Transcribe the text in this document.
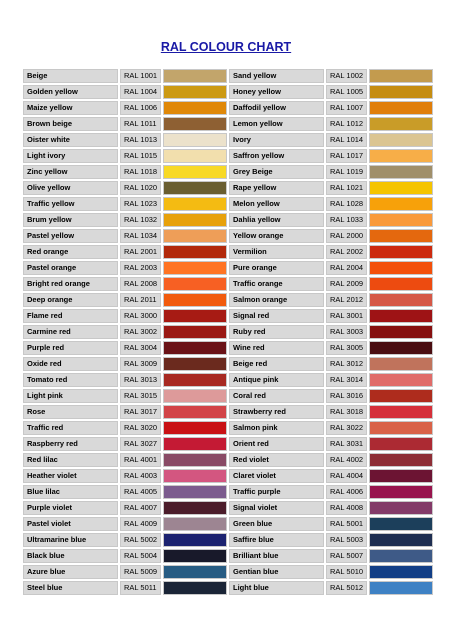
RAL COLOUR CHART
Beige	RAL 1001		Sand yellow	RAL 1002	
Golden yellow	RAL 1004		Honey yellow	RAL 1005	
Maize yellow	RAL 1006		Daffodil yellow	RAL 1007	
Brown beige	RAL 1011		Lemon yellow	RAL 1012	
Oister white	RAL 1013		Ivory	RAL 1014	
Light ivory	RAL 1015		Saffron yellow	RAL 1017	
Zinc yellow	RAL 1018		Grey Beige	RAL 1019	
Olive yellow	RAL 1020		Rape yellow	RAL 1021	
Traffic yellow	RAL 1023		Melon yellow	RAL 1028	
Brum yellow	RAL 1032		Dahlia yellow	RAL 1033	
Pastel yellow	RAL 1034		Yellow orange	RAL 2000	
Red orange	RAL 2001		Vermilion	RAL 2002	
Pastel orange	RAL 2003		Pure orange	RAL 2004	
Bright red orange	RAL 2008		Traffic orange	RAL 2009	
Deep orange	RAL 2011		Salmon orange	RAL 2012	
Flame red	RAL 3000		Signal red	RAL 3001	
Carmine red	RAL 3002		Ruby red	RAL 3003	
Purple red	RAL 3004		Wine red	RAL 3005	
Oxide red	RAL 3009		Beige red	RAL 3012	
Tomato red	RAL 3013		Antique pink	RAL 3014	
Light pink	RAL 3015		Coral red	RAL 3016	
Rose	RAL 3017		Strawberry red	RAL 3018	
Traffic red	RAL 3020		Salmon pink	RAL 3022	
Raspberry red	RAL 3027		Orient red	RAL 3031	
Red lilac	RAL 4001		Red violet	RAL 4002	
Heather violet	RAL 4003		Claret violet	RAL 4004	
Blue lilac	RAL 4005		Traffic purple	RAL 4006	
Purple violet	RAL 4007		Signal violet	RAL 4008	
Pastel violet	RAL 4009		Green blue	RAL 5001	
Ultramarine blue	RAL 5002		Saffire blue	RAL 5003	
Black blue	RAL 5004		Brilliant blue	RAL 5007	
Azure blue	RAL 5009		Gentian blue	RAL 5010	
Steel blue	RAL 5011		Light blue	RAL 5012	
